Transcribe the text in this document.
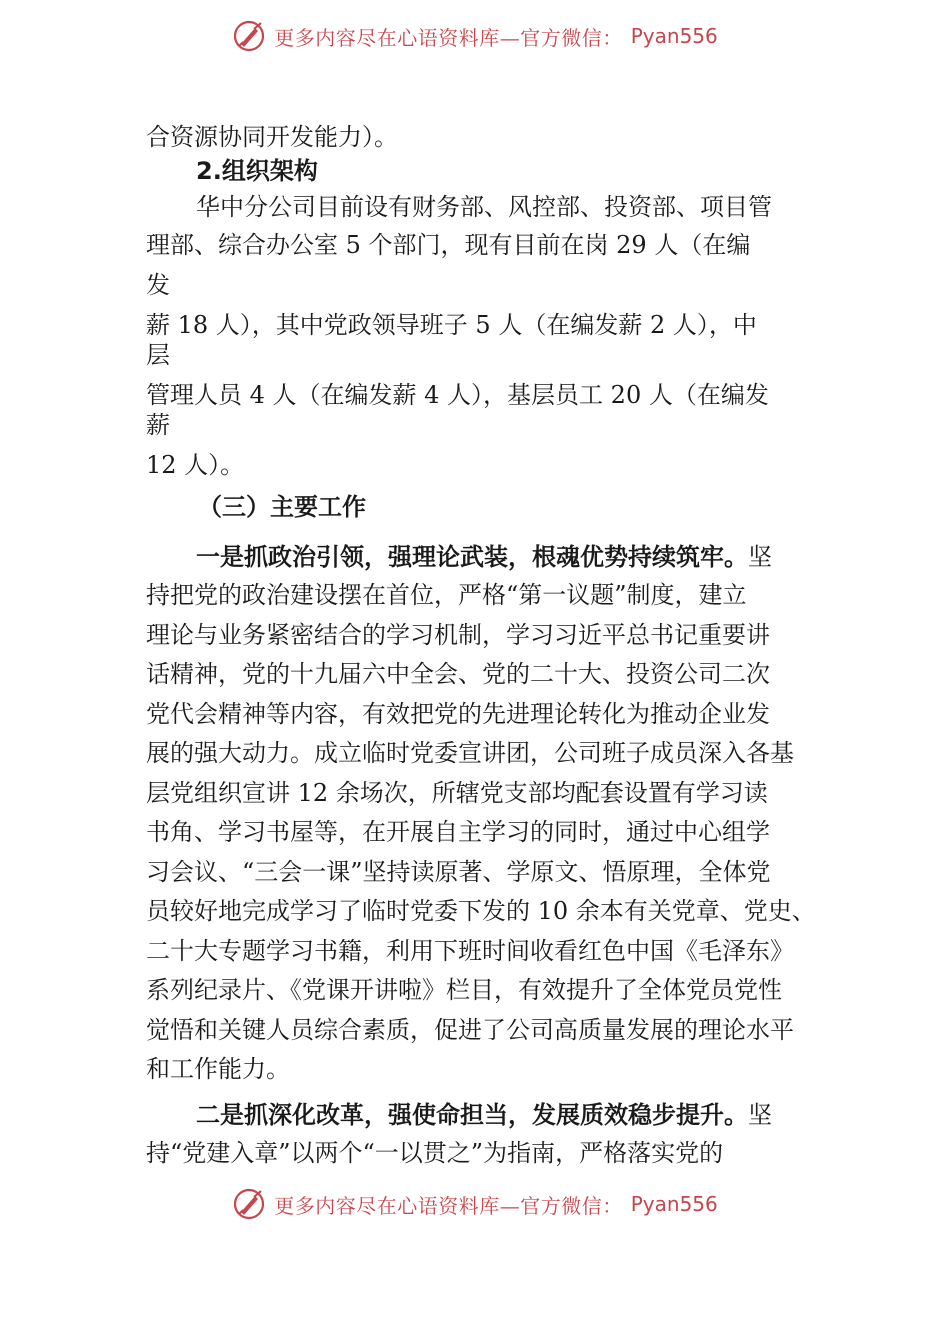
更多内容尽在心语资料库—官方微信： Pyan556
合资源协同开发能力）。
2.组织架构
华中分公司目前设有财务部、风控部、投资部、项目管
理部、综合办公室 5 个部门，现有目前在岗 29 人（在编
发
薪 18 人），其中党政领导班子 5 人（在编发薪 2 人），中
层
管理人员 4 人（在编发薪 4 人），基层员工 20 人（在编发
薪
12 人）。
（三）主要工作
一是抓政治引领，强理论武装，根魂优势持续筑牢。坚
持把党的政治建设摆在首位，严格“第一议题”制度，建立
理论与业务紧密结合的学习机制，学习习近平总书记重要讲
话精神，党的十九届六中全会、党的二十大、投资公司二次
党代会精神等内容，有效把党的先进理论转化为推动企业发
展的强大动力。成立临时党委宣讲团，公司班子成员深入各基
层党组织宣讲 12 余场次，所辖党支部均配套设置有学习读
书角、学习书屋等，在开展自主学习的同时，通过中心组学
习会议、“三会一课”坚持读原著、学原文、悟原理，全体党
员较好地完成学习了临时党委下发的 10 余本有关党章、党史、
二十大专题学习书籍，利用下班时间收看红色中国《毛泽东》
系列纪录片、《党课开讲啦》栏目，有效提升了全体党员党性
觉悟和关键人员综合素质，促进了公司高质量发展的理论水平
和工作能力。
二是抓深化改革，强使命担当，发展质效稳步提升。坚
持“党建入章”以两个“一以贯之”为指南，严格落实党的
更多内容尽在心语资料库—官方微信： Pyan556
